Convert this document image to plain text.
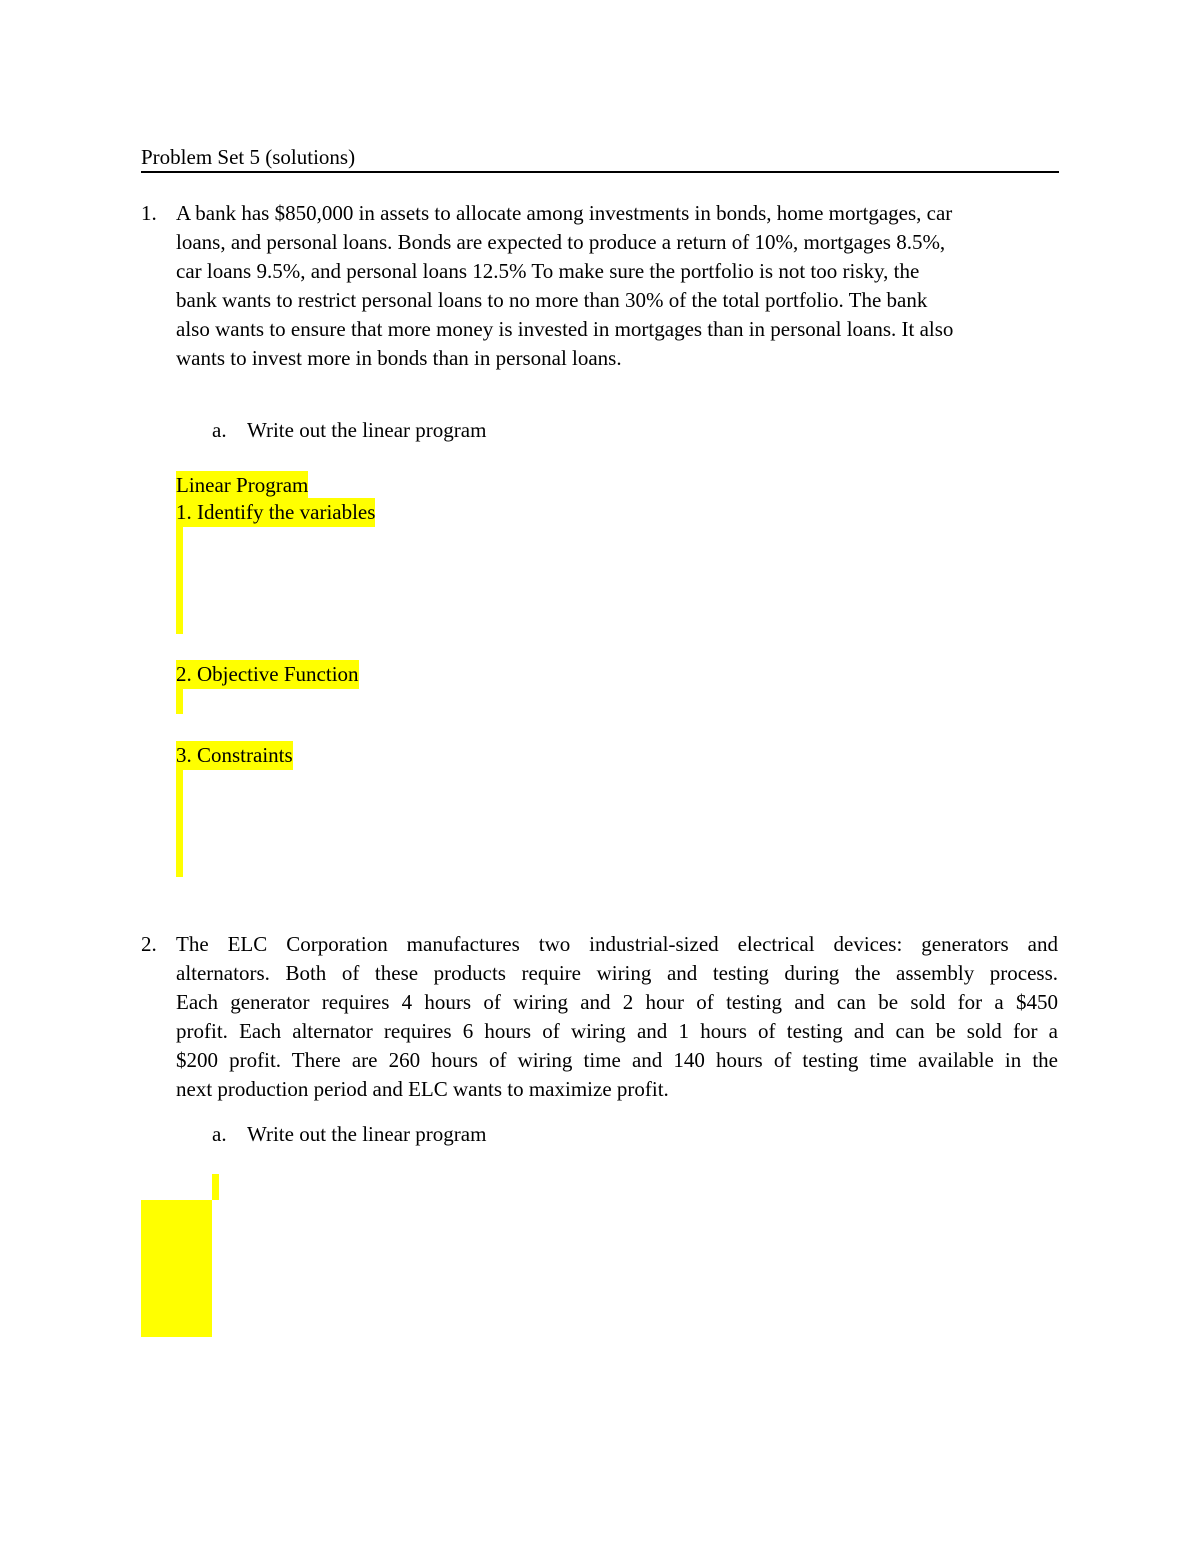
Problem Set 5 (solutions)
1. A bank has $850,000 in assets to allocate among investments in bonds, home mortgages, car
loans, and personal loans. Bonds are expected to produce a return of 10%, mortgages 8.5%,
car loans 9.5%, and personal loans 12.5% To make sure the portfolio is not too risky, the
bank wants to restrict personal loans to no more than 30% of the total portfolio. The bank
also wants to ensure that more money is invested in mortgages than in personal loans. It also
wants to invest more in bonds than in personal loans.
a. Write out the linear program
Linear Program
1. Identify the variables
2. Objective Function
3. Constraints
2. The ELC Corporation manufactures two industrial-sized electrical devices: generators and
alternators. Both of these products require wiring and testing during the assembly process.
Each generator requires 4 hours of wiring and 2 hour of testing and can be sold for a $450
profit. Each alternator requires 6 hours of wiring and 1 hours of testing and can be sold for a
$200 profit. There are 260 hours of wiring time and 140 hours of testing time available in the
next production period and ELC wants to maximize profit.
a. Write out the linear program
